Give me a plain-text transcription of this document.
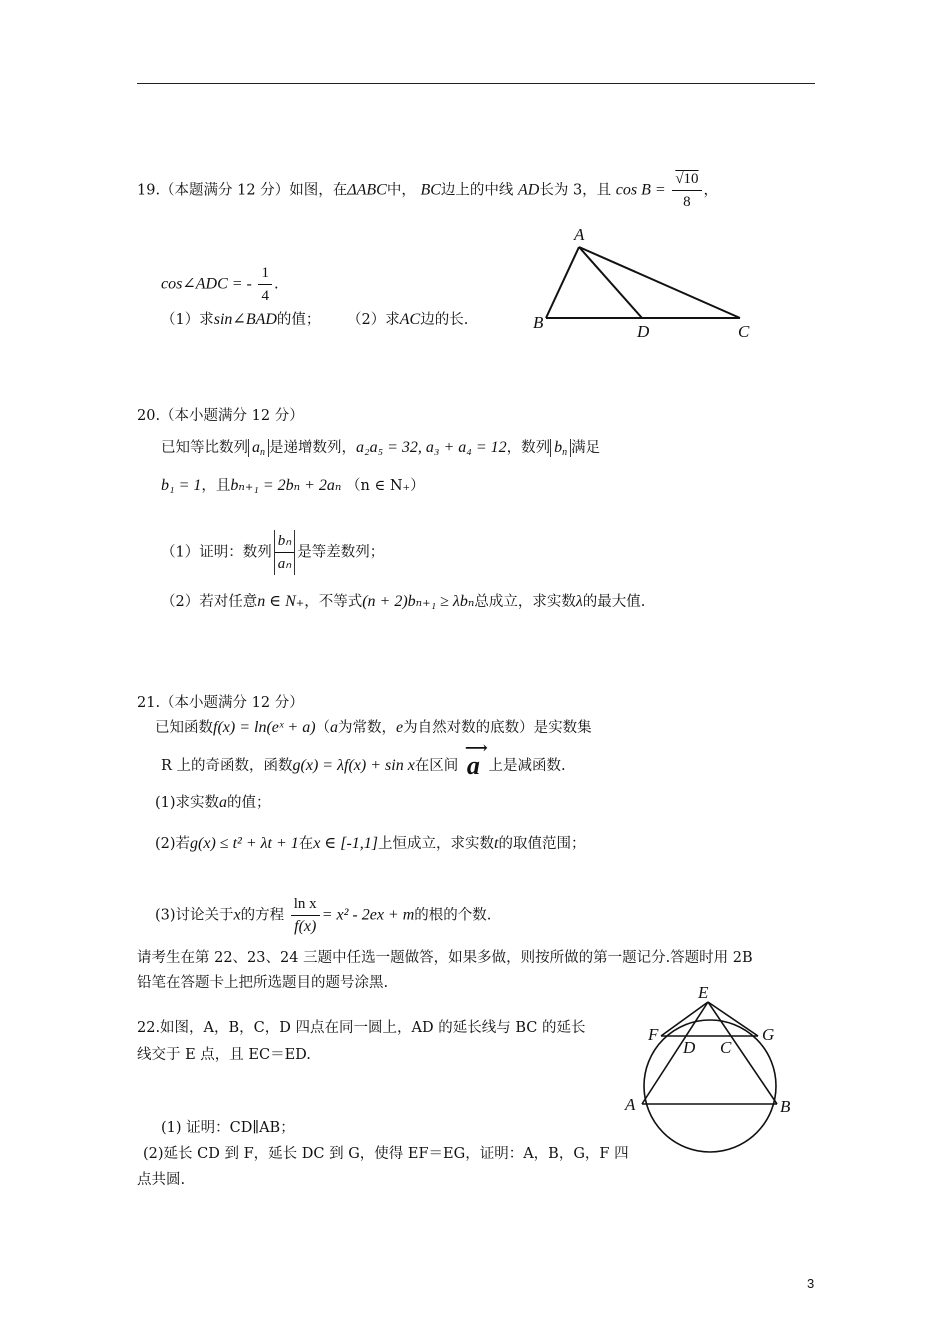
19.（本题满分 12 分）如图，在ΔABC中， BC边上的中线 AD长为 3，且 $\cos B = \frac{√10}{8}$ ，
cos∠ADC = - $\frac{1}{4}$ .
（1）求sin∠BAD的值； （2）求AC边的长.
A
B	D	C
20.（本小题满分 12 分）
已知等比数列 $a_n$ 是递增数列，a₂a₅ = 32, a₃ + a₄ = 12，数列 $b_n$ 满足
b₁ = 1，且bₙ₊₁ = 2bₙ + 2aₙ （n ∈ N₊）
（1）证明：数列 $\frac{\text{bₙ}}{\text{aₙ}}$ 是等差数列；
（2）若对任意n ∈ N₊，不等式(n + 2)bₙ₊₁ ≥ λbₙ总成立，求实数λ的最大值.
21.（本小题满分 12 分）
已知函数f(x) = ln(eˣ + a)（a为常数，e为自然对数的底数）是实数集
R 上的奇函数，函数g(x) = λf(x) + sin x在区间
⟶
a 上是减函数.
(1)求实数a的值；
(2)若g(x) ≤ t² + λt + 1在x ∈ [-1,1]上恒成立，求实数t的取值范围；
(3)讨论关于x的方程 $\frac{\text{ln x}}{f(x)} = x^2 - 2ex + m$的根的个数.
请考生在第 22、23、24 三题中任选一题做答，如果多做，则按所做的第一题记分.答题时用 2B
铅笔在答题卡上把所选题目的题号涂黑.
22.如图，A，B，C，D 四点在同一圆上，AD 的延长线与 BC 的延长
线交于 E 点，且 EC＝ED.
(1) 证明：CD∥AB；
(2)延长 CD 到 F，延长 DC 到 G，使得 EF＝EG，证明：A，B，G，F 四
点共圆.
E
F
D C
G
A	B
3
